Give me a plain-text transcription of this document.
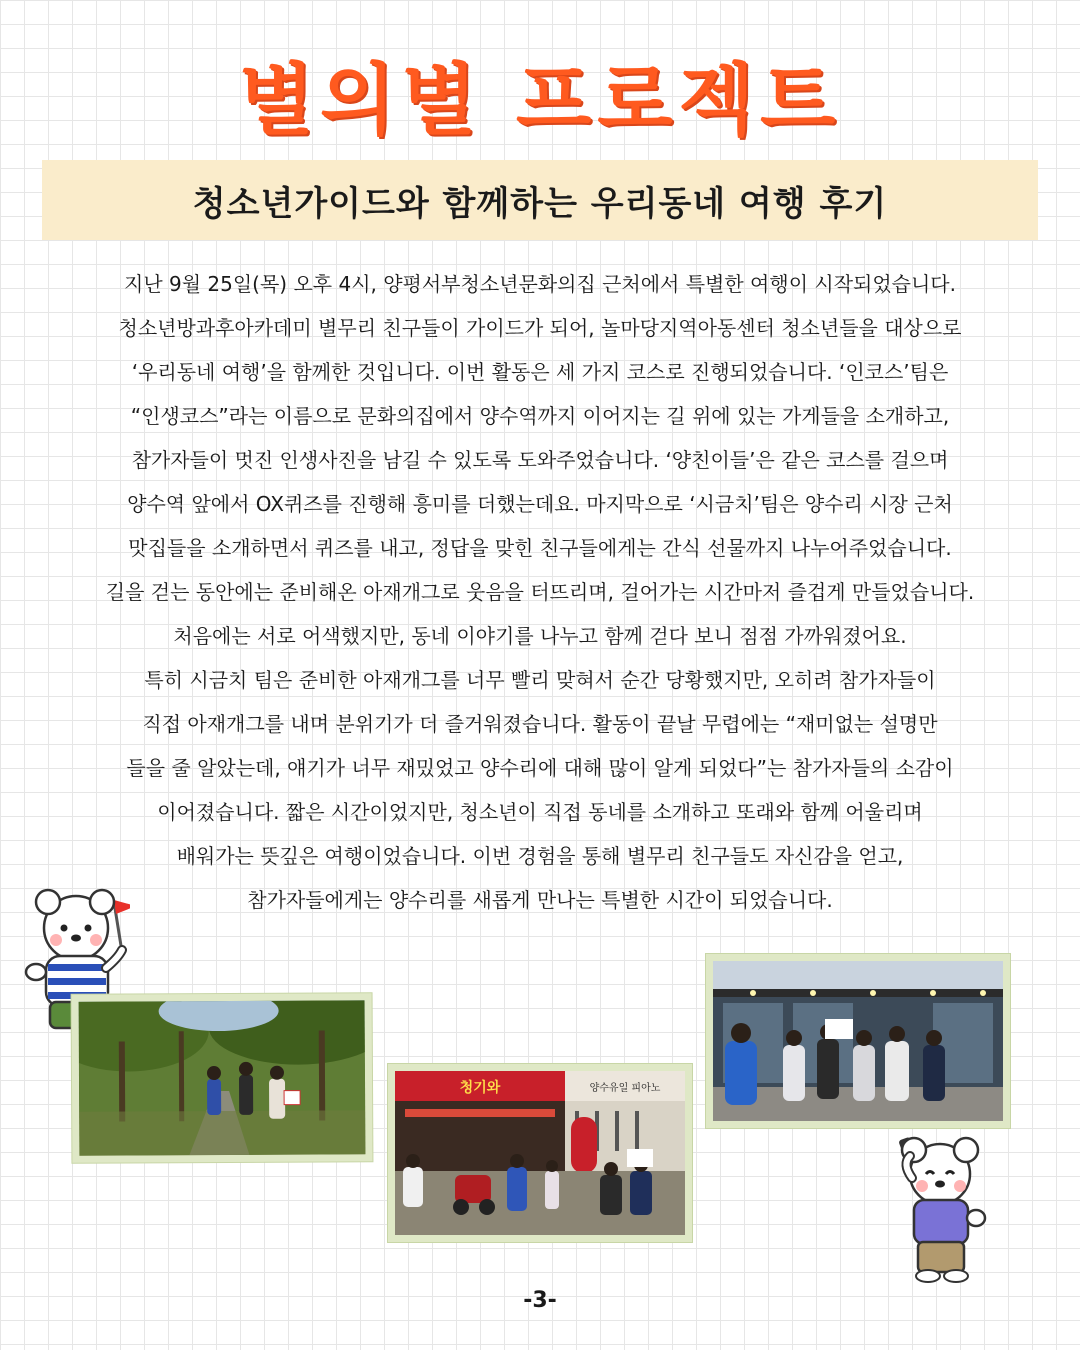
별의별 프로젝트
청소년가이드와 함께하는 우리동네 여행 후기
지난 9월 25일(목) 오후 4시, 양평서부청소년문화의집 근처에서 특별한 여행이 시작되었습니다.
청소년방과후아카데미 별무리 친구들이 가이드가 되어, 놀마당지역아동센터 청소년들을 대상으로
‘우리동네 여행’을 함께한 것입니다. 이번 활동은 세 가지 코스로 진행되었습니다. ‘인코스’팀은
“인생코스”라는 이름으로 문화의집에서 양수역까지 이어지는 길 위에 있는 가게들을 소개하고,
참가자들이 멋진 인생사진을 남길 수 있도록 도와주었습니다. ‘양친이들’은 같은 코스를 걸으며
양수역 앞에서 OX퀴즈를 진행해 흥미를 더했는데요. 마지막으로 ‘시금치’팀은 양수리 시장 근처
맛집들을 소개하면서 퀴즈를 내고, 정답을 맞힌 친구들에게는 간식 선물까지 나누어주었습니다.
길을 걷는 동안에는 준비해온 아재개그로 웃음을 터뜨리며, 걸어가는 시간마저 즐겁게 만들었습니다.
처음에는 서로 어색했지만, 동네 이야기를 나누고 함께 걷다 보니 점점 가까워졌어요.
특히 시금치 팀은 준비한 아재개그를 너무 빨리 맞혀서 순간 당황했지만, 오히려 참가자들이
직접 아재개그를 내며 분위기가 더 즐거워졌습니다. 활동이 끝날 무렵에는 “재미없는 설명만
들을 줄 알았는데, 얘기가 너무 재밌었고 양수리에 대해 많이 알게 되었다”는 참가자들의 소감이
이어졌습니다. 짧은 시간이었지만, 청소년이 직접 동네를 소개하고 또래와 함께 어울리며
배워가는 뜻깊은 여행이었습니다. 이번 경험을 통해 별무리 친구들도 자신감을 얻고,
참가자들에게는 양수리를 새롭게 만나는 특별한 시간이 되었습니다.
청기와	양수유일 피아노
-3-
